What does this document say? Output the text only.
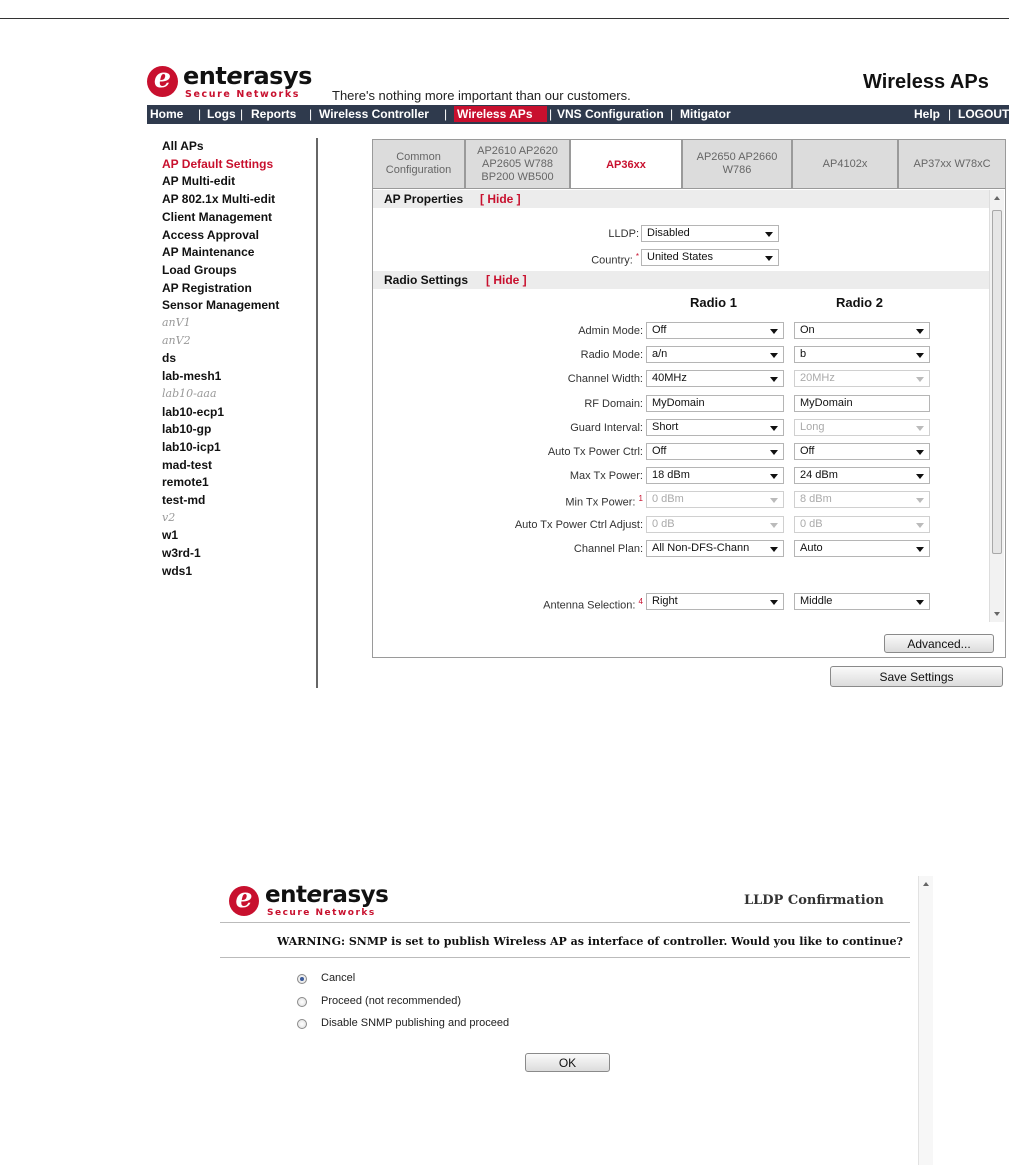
e enterasys
Secure Networks There's nothing more important than our customers.
Wireless APs
Home | Logs | Reports | Wireless Controller | Wireless APs | VNS Configuration | Mitigator	Help | LOGOUT
All APs
AP Default Settings
AP Multi-edit
AP 802.1x Multi-edit
Client Management
Access Approval
AP Maintenance
Load Groups
AP Registration
Sensor Management
anV1
anV2
ds
lab-mesh1
lab10-aaa
lab10-ecp1
lab10-gp
lab10-icp1
mad-test
remote1
test-md
v2
w1
w3rd-1
wds1
Common
Configuration
AP2610 AP2620
AP2605 W788
BP200 WB500
AP36xx
AP2650 AP2660
W786
AP4102x	AP37xx W78xC
AP Properties [ Hide ]
LLDP: Disabled
Country: * United States
Radio Settings [ Hide ]
Radio 1	Radio 2
Admin Mode: Off	On
Radio Mode: a/n	b
Channel Width: 40MHz	20MHz
RF Domain: MyDomain	MyDomain
Guard Interval: Short	Long
Auto Tx Power Ctrl: Off	Off
Max Tx Power: 18 dBm	24 dBm
Min Tx Power: $^1$ 0 dBm	8 dBm
Auto Tx Power Ctrl Adjust: 0 dB	0 dB
Channel Plan: All Non-DFS-Chann	Auto
Antenna Selection: $^4$ Right	Middle
Advanced...
Save Settings
e enterasys
Secure Networks
LLDP Confirmation
WARNING: SNMP is set to publish Wireless AP as interface of controller. Would you like to continue?
Cancel
Proceed (not recommended)
Disable SNMP publishing and proceed
OK
